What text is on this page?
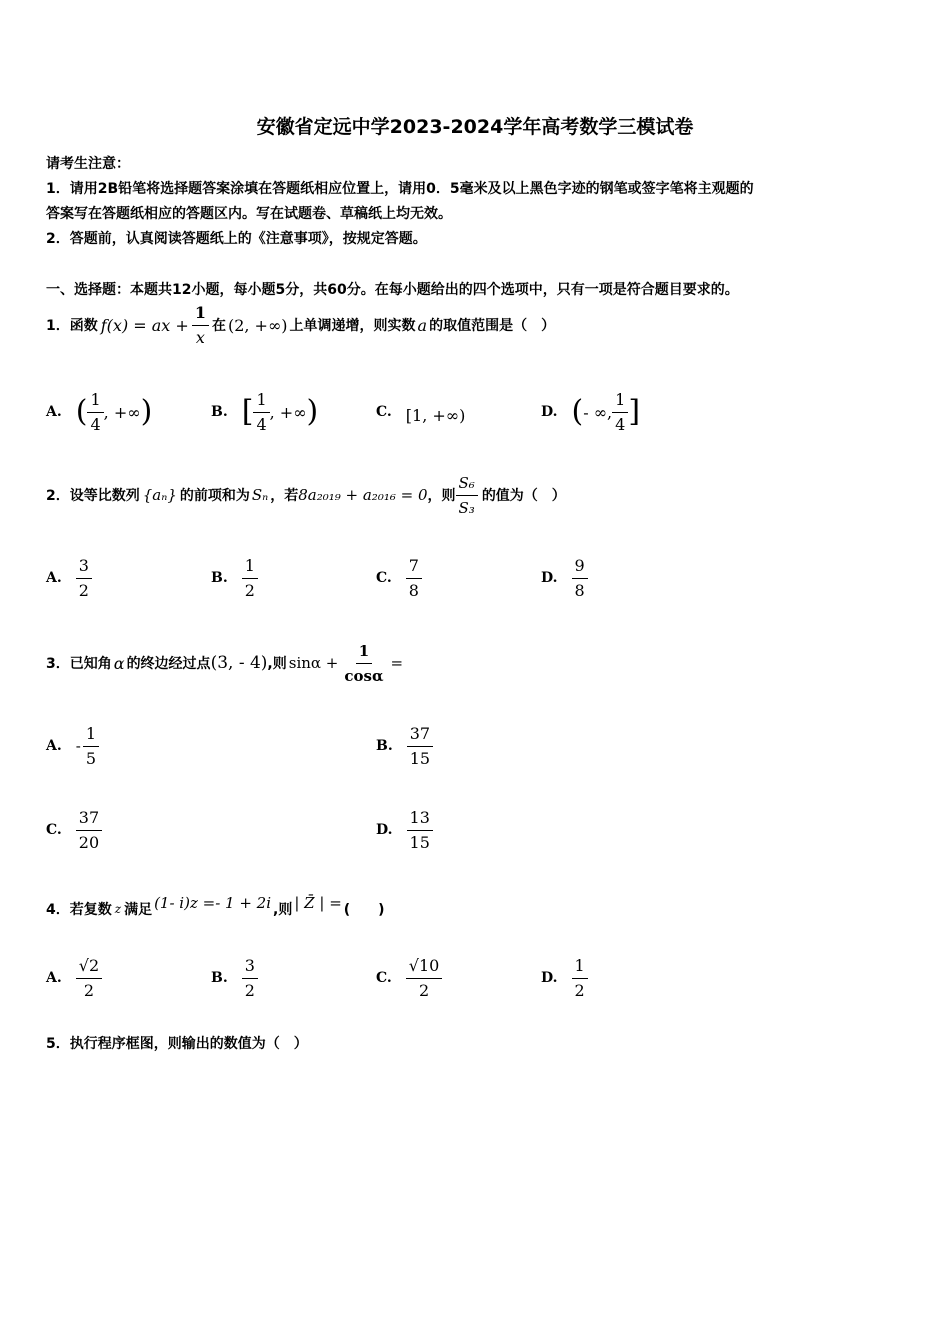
安徽省定远中学2023-2024学年高考数学三模试卷
请考生注意：
1．请用2B铅笔将选择题答案涂填在答题纸相应位置上，请用0．5毫米及以上黑色字迹的钢笔或签字笔将主观题的
答案写在答题纸相应的答题区内。写在试题卷、草稿纸上均无效。
2．答题前，认真阅读答题纸上的《注意事项》，按规定答题。
一、选择题：本题共12小题，每小题5分，共60分。在每小题给出的四个选项中，只有一项是符合题目要求的。
1．函数 f(x) = ax + $\frac{1}{x}$ 在 (2, +∞) 上单调递增，则实数 a 的取值范围是（　）
A. ( $\frac{1}{4}$ , +∞ )	B. [ $\frac{1}{4}$ , +∞ )	C. [1, +∞)	D. ( - ∞, $\frac{1}{4}$ ]
2．设等比数列 {aₙ} 的前项和为 Sₙ ，若 8a₂₀₁₉ + a₂₀₁₆ = 0 ，则 $\frac{\text{S₆}}{\text{S₃}}$ 的值为（　）
A. $\frac{3}{2}$	B. $\frac{1}{2}$	C. $\frac{7}{8}$	D. $\frac{9}{8}$
3．已知角 α 的终边经过点 (3, - 4) ,则 $\sin\alpha + \frac{1}{\cos\alpha}$ =
A. - $\frac{1}{5}$	B. $\frac{37}{15}$
C. $\frac{37}{20}$	D. $\frac{13}{15}$
4．若复数 z 满足 (1- i)z =- 1 + 2i ,则 | Z̄ | = (　　)
A. $\frac{√2}{2}$	B. $\frac{3}{2}$	C. $\frac{√10}{2}$	D. $\frac{1}{2}$
5．执行程序框图，则输出的数值为（　）
